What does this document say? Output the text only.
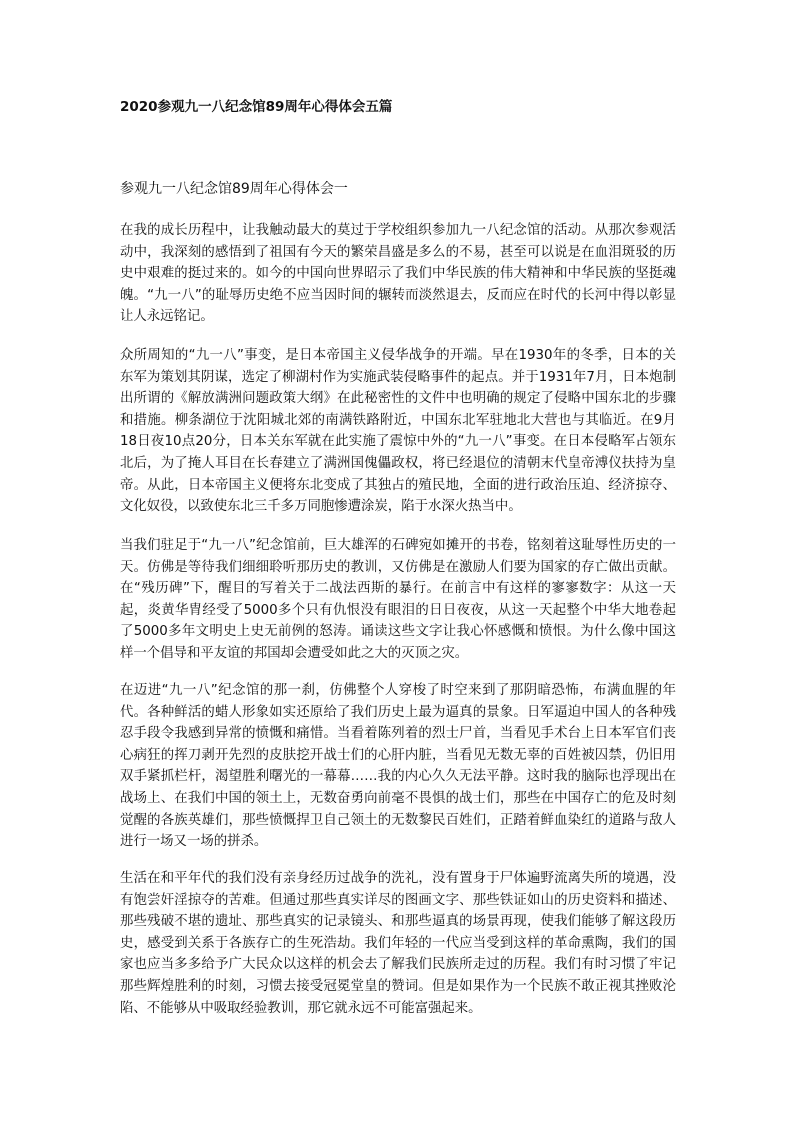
2020参观九一八纪念馆89周年心得体会五篇
参观九一八纪念馆89周年心得体会一

在我的成长历程中，让我触动最大的莫过于学校组织参加九一八纪念馆的活动。从那次参观活动中，我深刻的感悟到了祖国有今天的繁荣昌盛是多么的不易，甚至可以说是在血泪斑驳的历史中艰难的挺过来的。如今的中国向世界昭示了我们中华民族的伟大精神和中华民族的坚挺魂魄。“九一八”的耻辱历史绝不应当因时间的辗转而淡然退去，反而应在时代的长河中得以彰显让人永远铭记。

众所周知的“九一八”事变，是日本帝国主义侵华战争的开端。早在1930年的冬季，日本的关东军为策划其阴谋，选定了柳湖村作为实施武装侵略事件的起点。并于1931年7月，日本炮制出所谓的《解放满洲问题政策大纲》在此秘密性的文件中也明确的规定了侵略中国东北的步骤和措施。柳条湖位于沈阳城北郊的南满铁路附近，中国东北军驻地北大营也与其临近。在9月18日夜10点20分，日本关东军就在此实施了震惊中外的“九一八”事变。在日本侵略军占领东北后，为了掩人耳目在长春建立了满洲国傀儡政权，将已经退位的清朝末代皇帝溥仪扶持为皇帝。从此，日本帝国主义便将东北变成了其独占的殖民地，全面的进行政治压迫、经济掠夺、文化奴役，以致使东北三千多万同胞惨遭涂炭，陷于水深火热当中。

当我们驻足于“九一八”纪念馆前，巨大雄浑的石碑宛如摊开的书卷，铭刻着这耻辱性历史的一天。仿佛是等待我们细细聆听那历史的教训，又仿佛是在激励人们要为国家的存亡做出贡献。在“残历碑”下，醒目的写着关于二战法西斯的暴行。在前言中有这样的寥寥数字：从这一天起，炎黄华胄经受了5000多个只有仇恨没有眼泪的日日夜夜，从这一天起整个中华大地卷起了5000多年文明史上史无前例的怒涛。诵读这些文字让我心怀感慨和愤恨。为什么像中国这样一个倡导和平友谊的邦国却会遭受如此之大的灭顶之灾。

在迈进“九一八”纪念馆的那一刹，仿佛整个人穿梭了时空来到了那阴暗恐怖，布满血腥的年代。各种鲜活的蜡人形象如实还原给了我们历史上最为逼真的景象。日军逼迫中国人的各种残忍手段令我感到异常的愤慨和痛惜。当看着陈列着的烈士尸首，当看见手术台上日本军官们丧心病狂的挥刀剥开先烈的皮肤挖开战士们的心肝内脏，当看见无数无辜的百姓被囚禁，仍旧用双手紧抓栏杆，渴望胜利曙光的一幕幕……我的内心久久无法平静。这时我的脑际也浮现出在战场上、在我们中国的领土上，无数奋勇向前毫不畏惧的战士们，那些在中国存亡的危及时刻觉醒的各族英雄们，那些愤慨捍卫自己领土的无数黎民百姓们，正踏着鲜血染红的道路与敌人进行一场又一场的拼杀。

生活在和平年代的我们没有亲身经历过战争的洗礼，没有置身于尸体遍野流离失所的境遇，没有饱尝奸淫掠夺的苦难。但通过那些真实详尽的图画文字、那些铁证如山的历史资料和描述、那些残破不堪的遗址、那些真实的记录镜头、和那些逼真的场景再现，使我们能够了解这段历史，感受到关系于各族存亡的生死浩劫。我们年轻的一代应当受到这样的革命熏陶，我们的国家也应当多多给予广大民众以这样的机会去了解我们民族所走过的历程。我们有时习惯了牢记那些辉煌胜利的时刻，习惯去接受冠冕堂皇的赞词。但是如果作为一个民族不敢正视其挫败沦陷、不能够从中吸取经验教训，那它就永远不可能富强起来。
